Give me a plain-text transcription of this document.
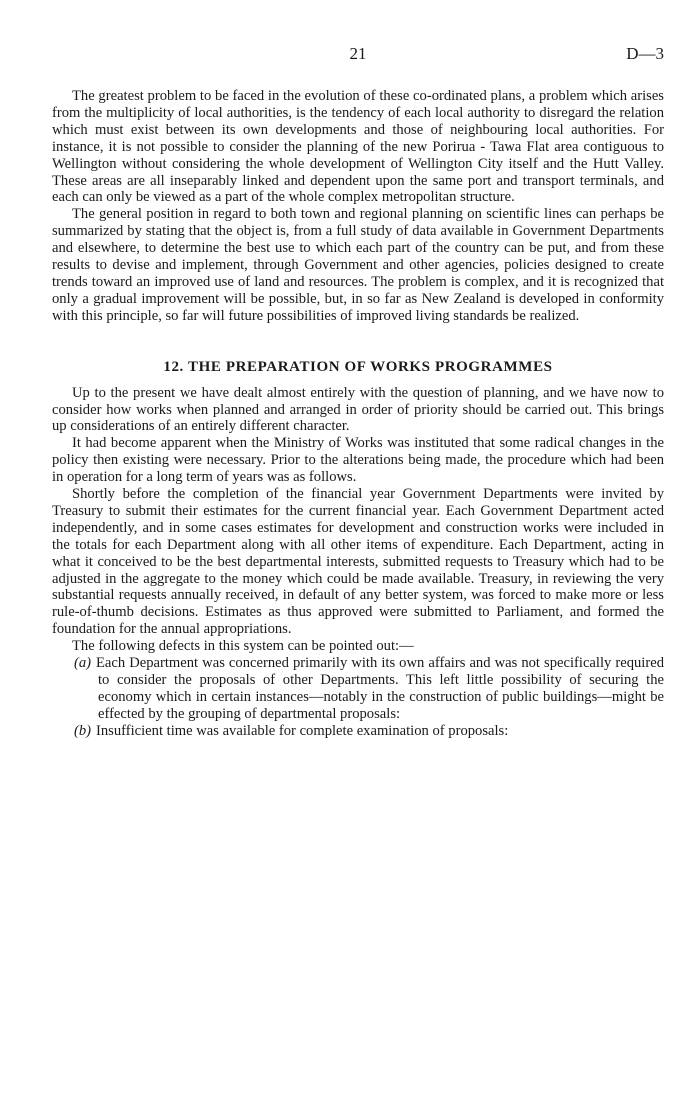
21	D—3

The greatest problem to be faced in the evolution of these co-ordinated plans, a problem which arises from the multiplicity of local authorities, is the tendency of each local authority to disregard the relation which must exist between its own developments and those of neighbouring local authorities. For instance, it is not possible to consider the planning of the new Porirua - Tawa Flat area contiguous to Wellington without considering the whole development of Wellington City itself and the Hutt Valley. These areas are all inseparably linked and dependent upon the same port and transport terminals, and each can only be viewed as a part of the whole complex metropolitan structure.

The general position in regard to both town and regional planning on scientific lines can perhaps be summarized by stating that the object is, from a full study of data available in Government Departments and elsewhere, to determine the best use to which each part of the country can be put, and from these results to devise and implement, through Government and other agencies, policies designed to create trends toward an improved use of land and resources. The problem is complex, and it is recognized that only a gradual improvement will be possible, but, in so far as New Zealand is developed in conformity with this principle, so far will future possibilities of improved living standards be realized.

12. THE PREPARATION OF WORKS PROGRAMMES

Up to the present we have dealt almost entirely with the question of planning, and we have now to consider how works when planned and arranged in order of priority should be carried out. This brings up considerations of an entirely different character.

It had become apparent when the Ministry of Works was instituted that some radical changes in the policy then existing were necessary. Prior to the alterations being made, the procedure which had been in operation for a long term of years was as follows.

Shortly before the completion of the financial year Government Departments were invited by Treasury to submit their estimates for the current financial year. Each Government Department acted independently, and in some cases estimates for development and construction works were included in the totals for each Department along with all other items of expenditure. Each Department, acting in what it conceived to be the best departmental interests, submitted requests to Treasury which had to be adjusted in the aggregate to the money which could be made available. Treasury, in reviewing the very substantial requests annually received, in default of any better system, was forced to make more or less rule-of-thumb decisions. Estimates as thus approved were submitted to Parliament, and formed the foundation for the annual appropriations.

The following defects in this system can be pointed out:—

(a) Each Department was concerned primarily with its own affairs and was not specifically required to consider the proposals of other Departments. This left little possibility of securing the economy which in certain instances—notably in the construction of public buildings—might be effected by the grouping of departmental proposals:

(b) Insufficient time was available for complete examination of proposals:
